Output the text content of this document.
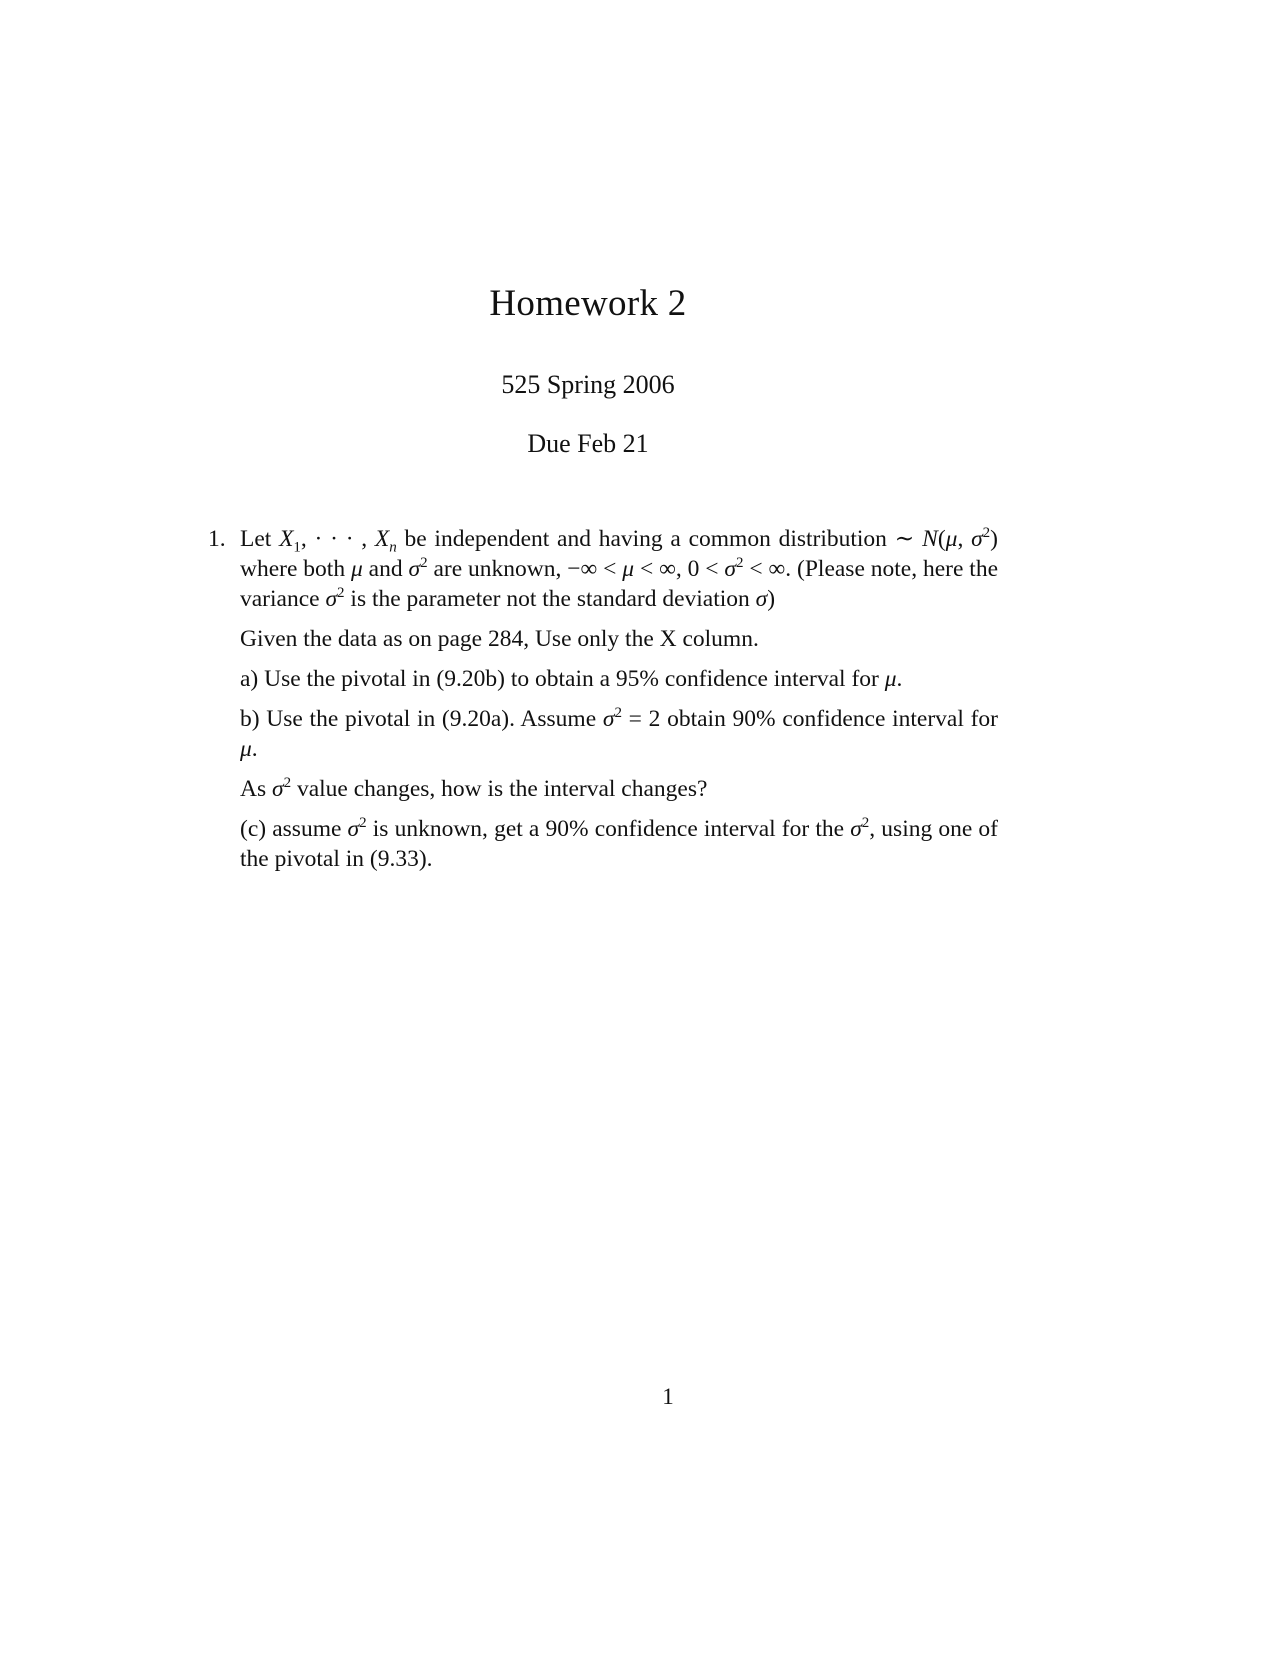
Homework 2
525 Spring 2006
Due Feb 21
1. Let $X_1$, · · · , $X_n$ be independent and having a common distribution ∼ N(μ, $\sigma^2$) where both μ and $\sigma^2$ are unknown, −∞ < μ < ∞, $0 < \sigma^2$ < ∞. (Please note, here the variance $\sigma^2$ is the parameter not the standard deviation σ)
Given the data as on page 284, Use only the X column.
a) Use the pivotal in (9.20b) to obtain a 95% confidence interval for μ.
b) Use the pivotal in (9.20a). Assume $\sigma^2 = 2$ obtain 90% confidence interval for μ.
As $\sigma^2$ value changes, how is the interval changes?
(c) assume $\sigma^2$ is unknown, get a 90% confidence interval for the $\sigma^2$, using one of the pivotal in (9.33).
1
